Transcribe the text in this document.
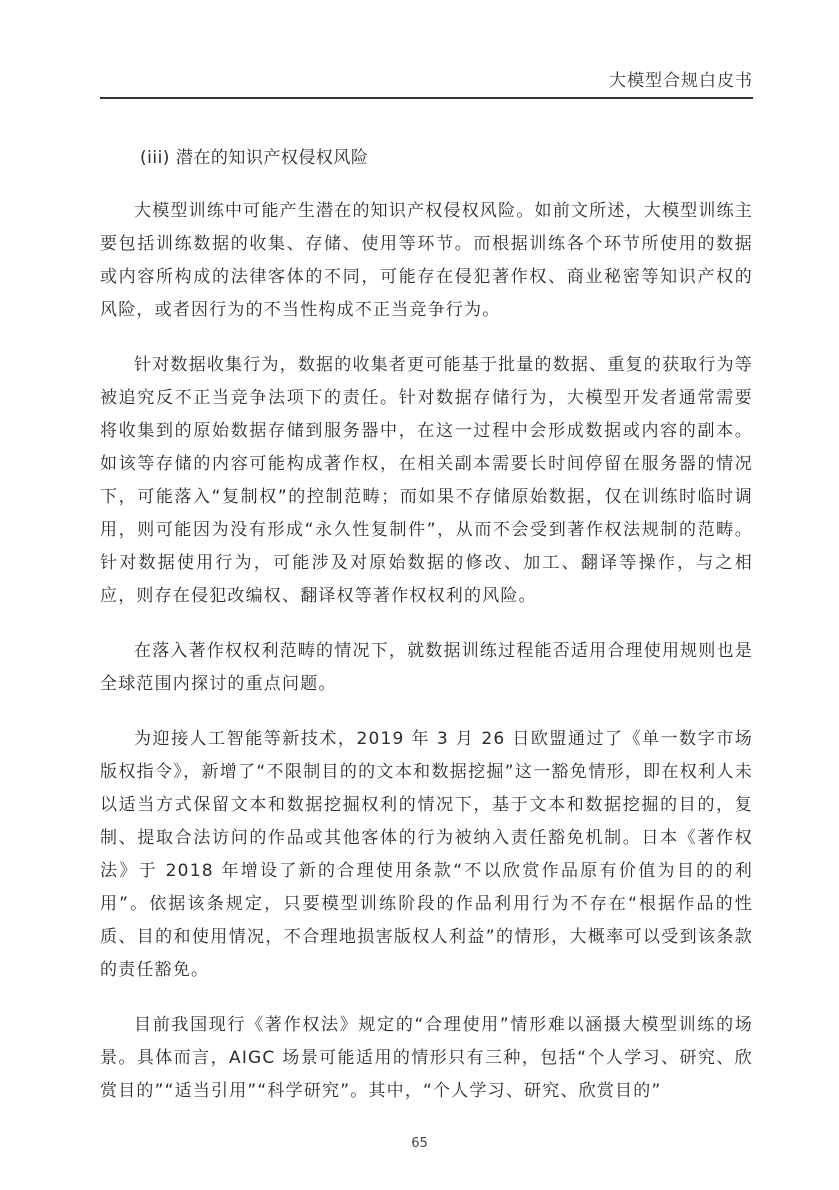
大模型合规白皮书
(iii) 潜在的知识产权侵权风险

大模型训练中可能产生潜在的知识产权侵权风险。如前文所述，大模型训练主要包括训练数据的收集、存储、使用等环节。而根据训练各个环节所使用的数据或内容所构成的法律客体的不同，可能存在侵犯著作权、商业秘密等知识产权的风险，或者因行为的不当性构成不正当竞争行为。

针对数据收集行为，数据的收集者更可能基于批量的数据、重复的获取行为等被追究反不正当竞争法项下的责任。针对数据存储行为，大模型开发者通常需要将收集到的原始数据存储到服务器中，在这一过程中会形成数据或内容的副本。如该等存储的内容可能构成著作权，在相关副本需要长时间停留在服务器的情况下，可能落入“复制权”的控制范畴；而如果不存储原始数据，仅在训练时临时调用，则可能因为没有形成“永久性复制件”，从而不会受到著作权法规制的范畴。针对数据使用行为，可能涉及对原始数据的修改、加工、翻译等操作，与之相应，则存在侵犯改编权、翻译权等著作权权利的风险。

在落入著作权权利范畴的情况下，就数据训练过程能否适用合理使用规则也是全球范围内探讨的重点问题。

为迎接人工智能等新技术，2019 年 3 月 26 日欧盟通过了《单一数字市场版权指令》，新增了“不限制目的的文本和数据挖掘”这一豁免情形，即在权利人未以适当方式保留文本和数据挖掘权利的情况下，基于文本和数据挖掘的目的，复制、提取合法访问的作品或其他客体的行为被纳入责任豁免机制。日本《著作权法》于 2018 年增设了新的合理使用条款“不以欣赏作品原有价值为目的的利用”。依据该条规定，只要模型训练阶段的作品利用行为不存在“根据作品的性质、目的和使用情况，不合理地损害版权人利益”的情形，大概率可以受到该条款的责任豁免。

目前我国现行《著作权法》规定的“合理使用”情形难以涵摄大模型训练的场景。具体而言，AIGC 场景可能适用的情形只有三种，包括“个人学习、研究、欣赏目的”“适当引用”“科学研究”。其中，“个人学习、研究、欣赏目的”

65
